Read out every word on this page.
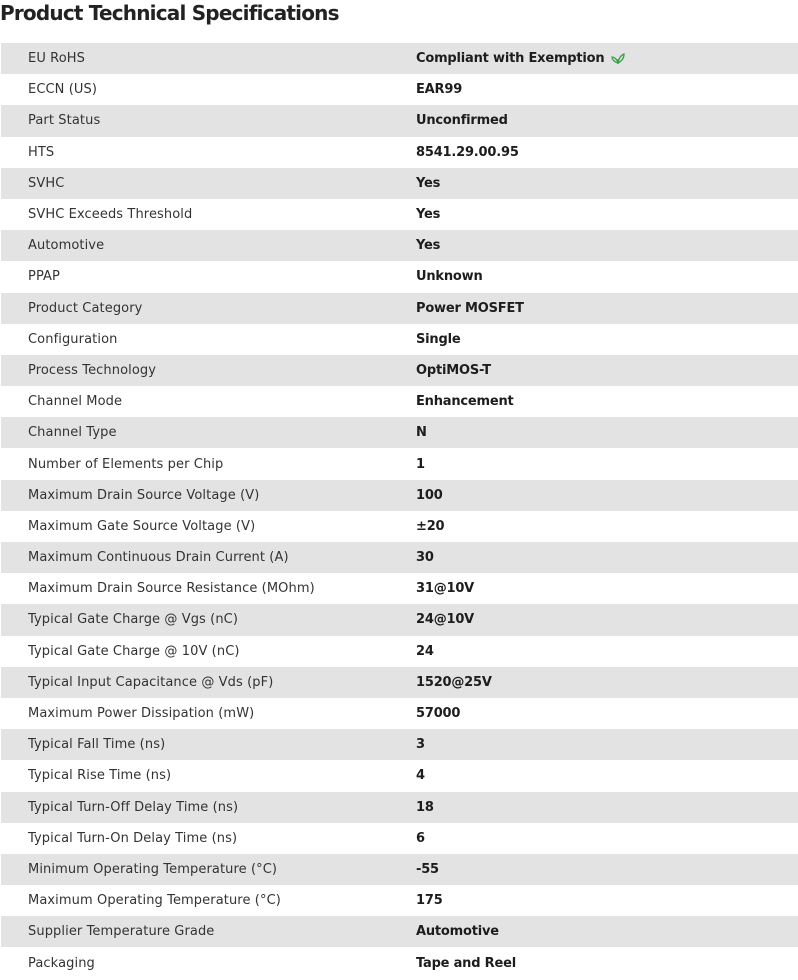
Product Technical Specifications
EU RoHS	Compliant with Exemption
ECCN (US)	EAR99
Part Status	Unconfirmed
HTS	8541.29.00.95
SVHC	Yes
SVHC Exceeds Threshold	Yes
Automotive	Yes
PPAP	Unknown
Product Category	Power MOSFET
Configuration	Single
Process Technology	OptiMOS-T
Channel Mode	Enhancement
Channel Type	N
Number of Elements per Chip	1
Maximum Drain Source Voltage (V)	100
Maximum Gate Source Voltage (V)	±20
Maximum Continuous Drain Current (A)	30
Maximum Drain Source Resistance (MOhm)	31@10V
Typical Gate Charge @ Vgs (nC)	24@10V
Typical Gate Charge @ 10V (nC)	24
Typical Input Capacitance @ Vds (pF)	1520@25V
Maximum Power Dissipation (mW)	57000
Typical Fall Time (ns)	3
Typical Rise Time (ns)	4
Typical Turn-Off Delay Time (ns)	18
Typical Turn-On Delay Time (ns)	6
Minimum Operating Temperature (°C)	-55
Maximum Operating Temperature (°C)	175
Supplier Temperature Grade	Automotive
Packaging	Tape and Reel
